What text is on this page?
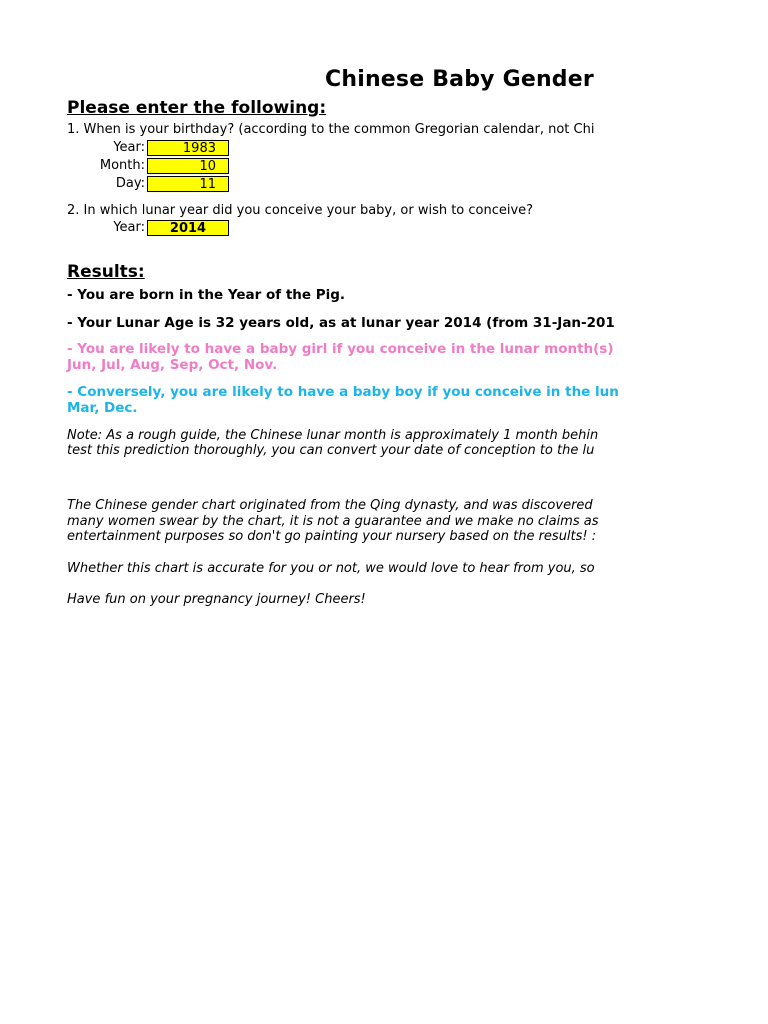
Chinese Baby Gender
Please enter the following:
1. When is your birthday? (according to the common Gregorian calendar, not Chi
Year:	1983
Month:	10
Day:	11
2. In which lunar year did you conceive your baby, or wish to conceive?
Year:	2014
Results:
- You are born in the Year of the Pig.
- Your Lunar Age is 32 years old, as at lunar year 2014 (from 31-Jan-201
- You are likely to have a baby girl if you conceive in the lunar month(s)
Jun, Jul, Aug, Sep, Oct, Nov.
- Conversely, you are likely to have a baby boy if you conceive in the lun
Mar, Dec.
Note: As a rough guide, the Chinese lunar month is approximately 1 month behin
test this prediction thoroughly, you can convert your date of conception to the lu
The Chinese gender chart originated from the Qing dynasty, and was discovered
many women swear by the chart, it is not a guarantee and we make no claims as
entertainment purposes so don't go painting your nursery based on the results! :
Whether this chart is accurate for you or not, we would love to hear from you, so
Have fun on your pregnancy journey! Cheers!
